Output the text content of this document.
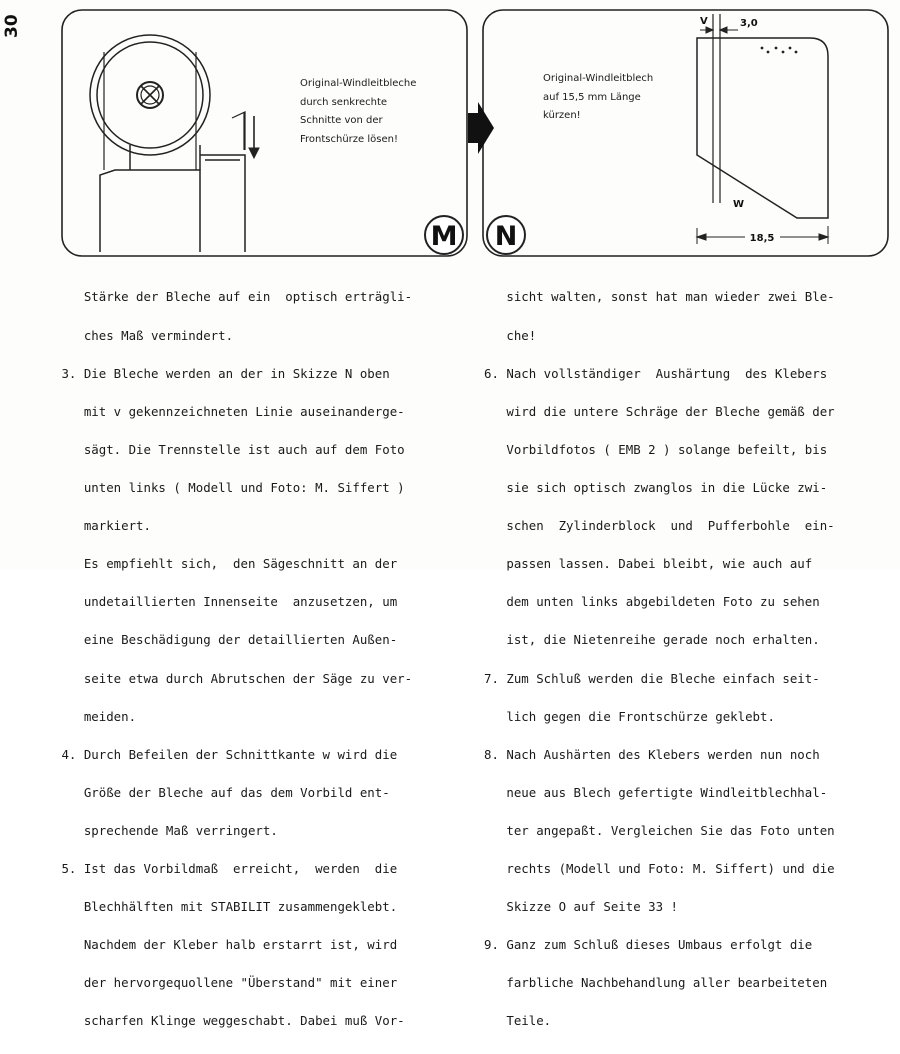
30
M N
V	3,0
W
18,5
Original-Windleitbleche
durch senkrechte
Schnitte von der
Frontschürze lösen!
Original-Windleitblech
auf 15,5 mm Länge
kürzen!

Stärke der Bleche auf ein  optisch erträgli-

ches Maß vermindert.

3. Die Bleche werden an der in Skizze N oben

mit v gekennzeichneten Linie auseinanderge-

sägt. Die Trennstelle ist auch auf dem Foto

unten links ( Modell und Foto: M. Siffert )

markiert.

Es empfiehlt sich,  den Sägeschnitt an der

undetaillierten Innenseite  anzusetzen, um

eine Beschädigung der detaillierten Außen-

seite etwa durch Abrutschen der Säge zu ver-

meiden.

4. Durch Befeilen der Schnittkante w wird die

Größe der Bleche auf das dem Vorbild ent-

sprechende Maß verringert.

5. Ist das Vorbildmaß  erreicht,  werden  die

Blechhälften mit STABILIT zusammengeklebt.

Nachdem der Kleber halb erstarrt ist, wird

der hervorgequollene "Überstand" mit einer

scharfen Klinge weggeschabt. Dabei muß Vor-

sicht walten, sonst hat man wieder zwei Ble-

che!

6. Nach vollständiger  Aushärtung  des Klebers

wird die untere Schräge der Bleche gemäß der

Vorbildfotos ( EMB 2 ) solange befeilt, bis

sie sich optisch zwanglos in die Lücke zwi-

schen  Zylinderblock  und  Pufferbohle  ein-

passen lassen. Dabei bleibt, wie auch auf

dem unten links abgebildeten Foto zu sehen

ist, die Nietenreihe gerade noch erhalten.

7. Zum Schluß werden die Bleche einfach seit-

lich gegen die Frontschürze geklebt.

8. Nach Aushärten des Klebers werden nun noch

neue aus Blech gefertigte Windleitblechhal-

ter angepaßt. Vergleichen Sie das Foto unten

rechts (Modell und Foto: M. Siffert) und die

Skizze O auf Seite 33 !

9. Ganz zum Schluß dieses Umbaus erfolgt die

farbliche Nachbehandlung aller bearbeiteten

Teile.
